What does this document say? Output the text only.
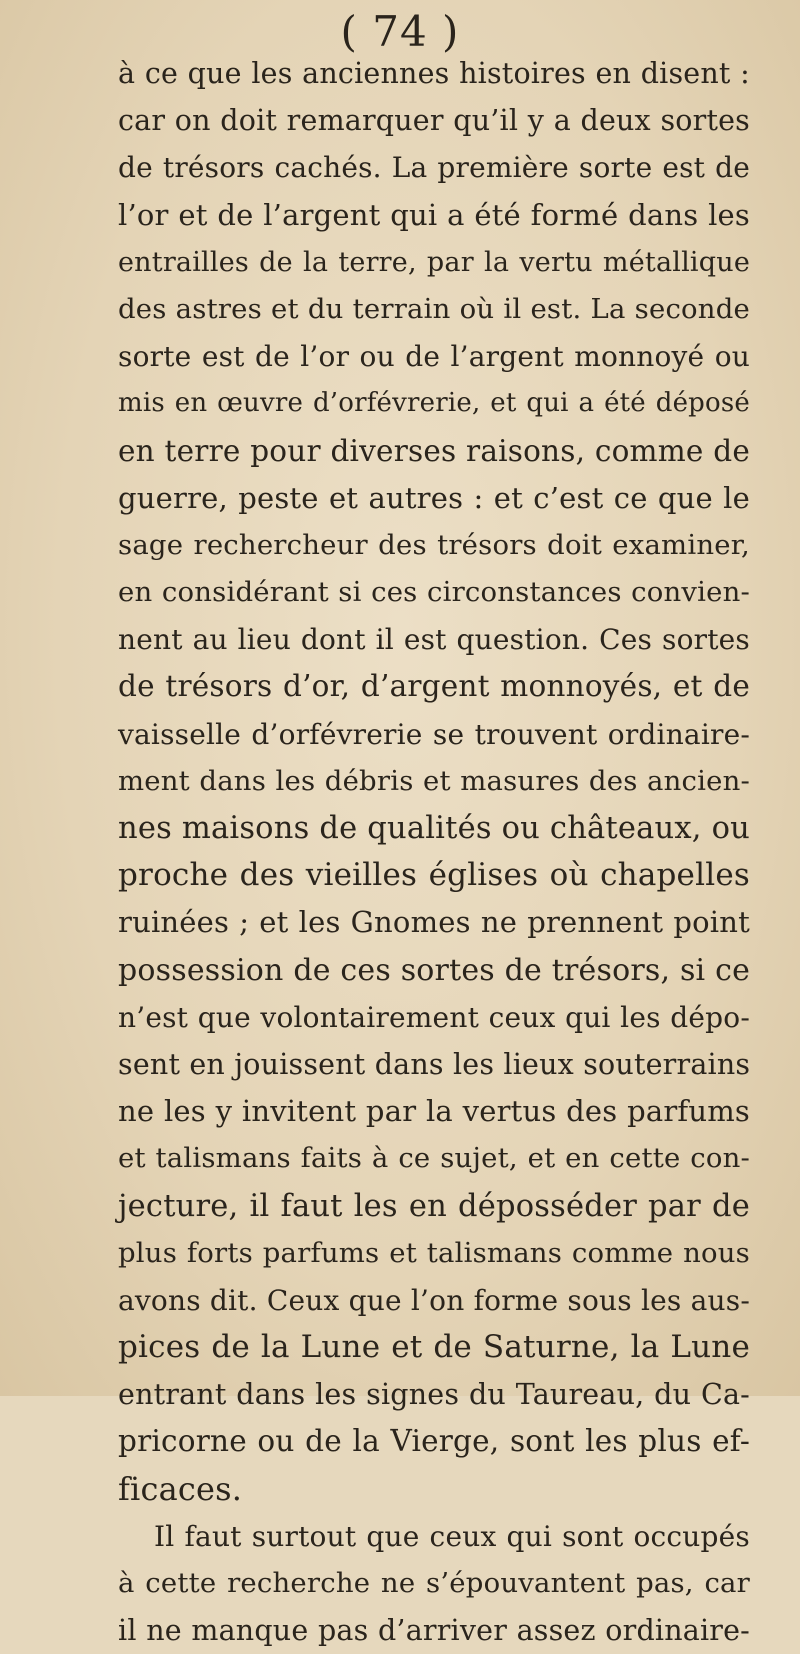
( 74 )
à ce que les anciennes histoires en disent :
car on doit remarquer qu’il y a deux sortes
de trésors cachés. La première sorte est de
l’or et de l’argent qui a été formé dans les
entrailles de la terre, par la vertu métallique
des astres et du terrain où il est. La seconde
sorte est de l’or ou de l’argent monnoyé ou
mis en œuvre d’orfévrerie, et qui a été déposé
en terre pour diverses raisons, comme de
guerre, peste et autres : et c’est ce que le
sage rechercheur des trésors doit examiner,
en considérant si ces circonstances convien-
nent au lieu dont il est question. Ces sortes
de trésors d’or, d’argent monnoyés, et de
vaisselle d’orfévrerie se trouvent ordinaire-
ment dans les débris et masures des ancien-
nes maisons de qualités ou châteaux, ou
proche des vieilles églises où chapelles
ruinées ; et les Gnomes ne prennent point
possession de ces sortes de trésors, si ce
n’est que volontairement ceux qui les dépo-
sent en jouissent dans les lieux souterrains
ne les y invitent par la vertus des parfums
et talismans faits à ce sujet, et en cette con-
jecture, il faut les en déposséder par de
plus forts parfums et talismans comme nous
avons dit. Ceux que l’on forme sous les aus-
pices de la Lune et de Saturne, la Lune
entrant dans les signes du Taureau, du Ca-
pricorne ou de la Vierge, sont les plus ef-
ficaces.
Il faut surtout que ceux qui sont occupés
à cette recherche ne s’épouvantent pas, car
il ne manque pas d’arriver assez ordinaire-
